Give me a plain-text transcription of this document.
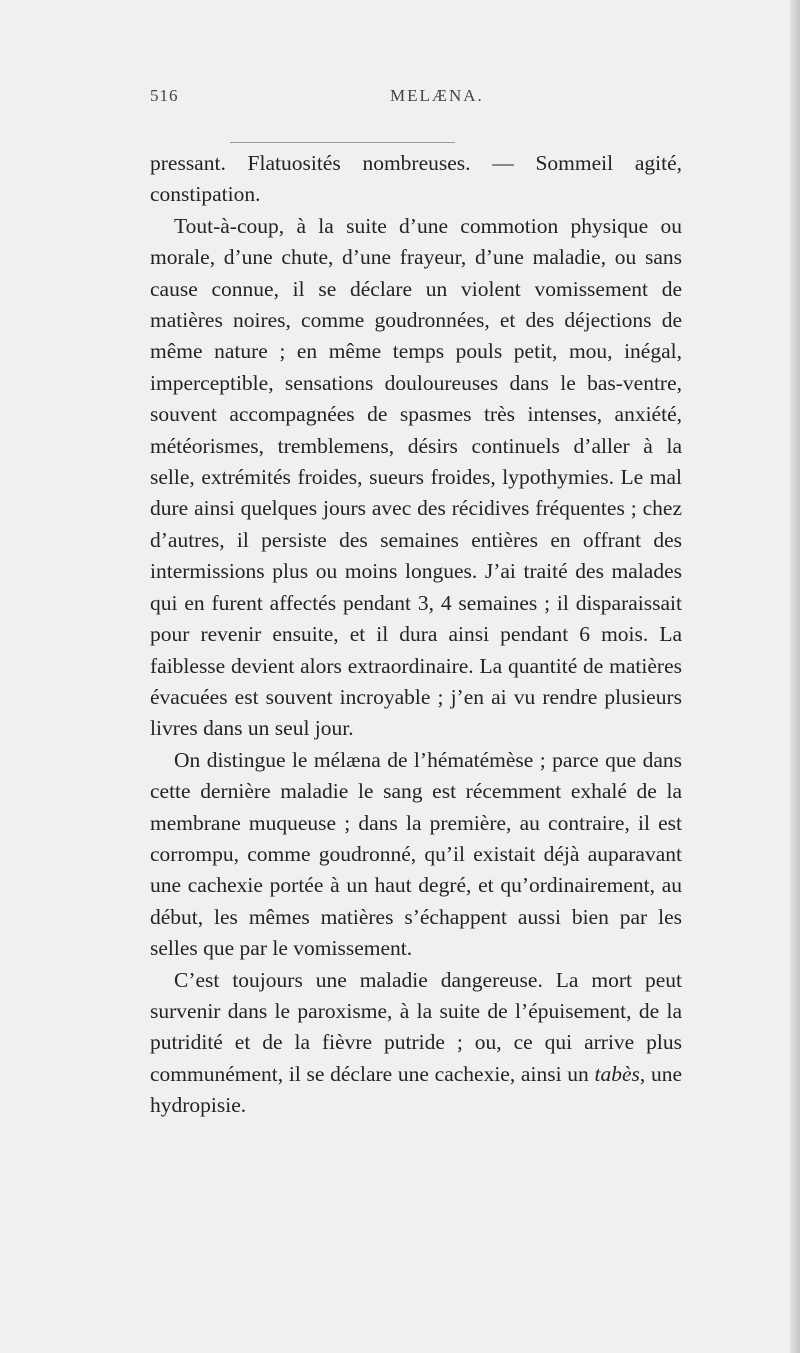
516	MELÆNA.

pressant. Flatuosités nombreuses. — Sommeil agité, constipation.

Tout-à-coup, à la suite d’une commotion physique ou morale, d’une chute, d’une frayeur, d’une maladie, ou sans cause connue, il se déclare un violent vomissement de matières noires, comme goudronnées, et des déjections de même nature ; en même temps pouls petit, mou, inégal, imperceptible, sensations douloureuses dans le bas-ventre, souvent accompagnées de spasmes très intenses, anxiété, météorismes, tremblemens, désirs continuels d’aller à la selle, extrémités froides, sueurs froides, lypothymies. Le mal dure ainsi quelques jours avec des récidives fréquentes ; chez d’autres, il persiste des semaines entières en offrant des intermissions plus ou moins longues. J’ai traité des malades qui en furent affectés pendant 3, 4 semaines ; il disparaissait pour revenir ensuite, et il dura ainsi pendant 6 mois. La faiblesse devient alors extraordinaire. La quantité de matières évacuées est souvent incroyable ; j’en ai vu rendre plusieurs livres dans un seul jour.

On distingue le mélæna de l’hématémèse ; parce que dans cette dernière maladie le sang est récemment exhalé de la membrane muqueuse ; dans la première, au contraire, il est corrompu, comme goudronné, qu’il existait déjà auparavant une cachexie portée à un haut degré, et qu’ordinairement, au début, les mêmes matières s’échappent aussi bien par les selles que par le vomissement.

C’est toujours une maladie dangereuse. La mort peut survenir dans le paroxisme, à la suite de l’épuisement, de la putridité et de la fièvre putride ; ou, ce qui arrive plus communément, il se déclare une cachexie, ainsi un tabès, une hydropisie.
